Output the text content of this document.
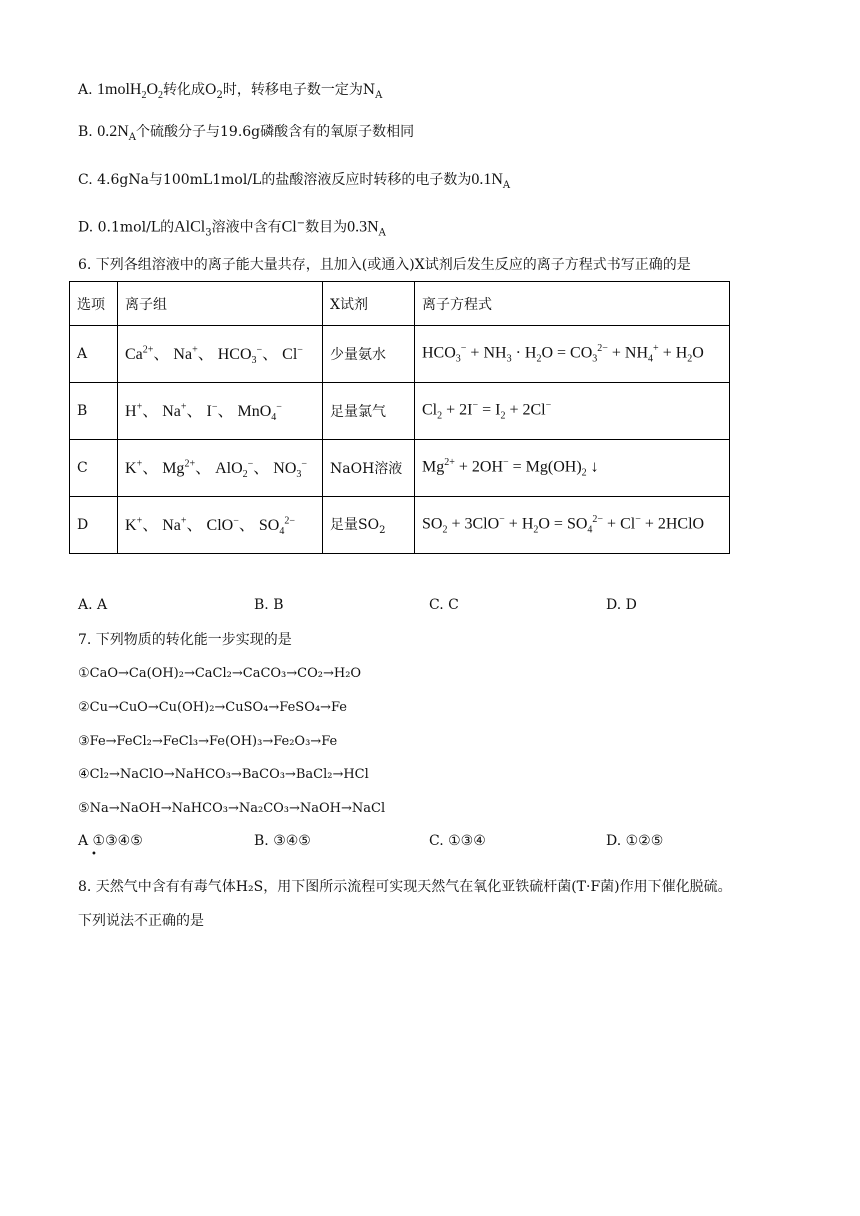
A. $1molH_2O_2$转化成$O_2$时，转移电子数一定为$N_A$
B. $0.2N_A$个硫酸分子与19.6g磷酸含有的氧原子数相同
C. 4.6gNa与100mL1mol/L的盐酸溶液反应时转移的电子数为$0.1N_A$
D. 0.1mol/L的AlCl$_3$溶液中含有Cl−数目为$0.3N_A$
6. 下列各组溶液中的离子能大量共存，且加入(或通入)X试剂后发生反应的离子方程式书写正确的是
选项	离子组	X试剂	离子方程式
A	$Ca^{2+}$、 Na+、 $HCO_3^-$、 Cl−	少量氨水	$HCO_3^- + NH_3 \cdot H_2O = CO_3^{2-} + NH_4^+ + H_2O$
B	H+、 Na+、 I−、 MnO$_4$−	足量氯气	$Cl_2 + 2I^- = I_2 + 2Cl^-$
C	K+、 $Mg^{2+}$、 AlO$_2$−、 $NO_3^-$	NaOH溶液	$Mg^{2+} + 2OH^- = Mg(OH)_2$ ↓
D	K+、 Na+、 ClO−、 $SO_4^{2-}$	足量$SO_2$	$SO_2 + 3ClO^- + H_2O = SO_4^{2-} + Cl^-$ + 2HClO
A. A	B. B	C. C	D. D
7. 下列物质的转化能一步实现的是
①CaO→Ca(OH)₂→CaCl₂→CaCO₃→CO₂→H₂O
②Cu→CuO→Cu(OH)₂→CuSO₄→FeSO₄→Fe
③Fe→FeCl₂→FeCl₃→Fe(OH)₃→Fe₂O₃→Fe
④Cl₂→NaClO→NaHCO₃→BaCO₃→BaCl₂→HCl
⑤Na→NaOH→NaHCO₃→Na₂CO₃→NaOH→NaCl
A ①③④⑤	B. ③④⑤	C. ①③④	D. ①②⑤
•
8. 天然气中含有有毒气体H₂S，用下图所示流程可实现天然气在氧化亚铁硫杆菌(T·F菌)作用下催化脱硫。
下列说法不正确的是
